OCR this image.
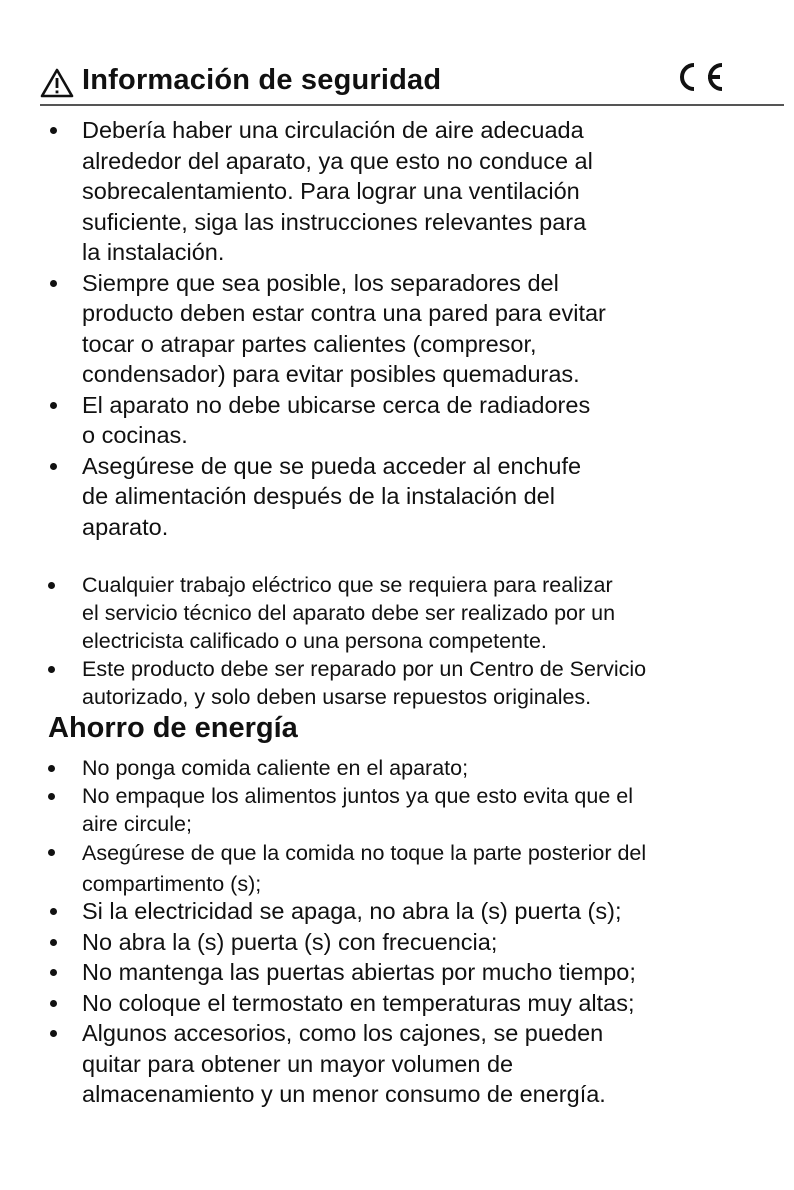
Información de seguridad
Debería haber una circulación de aire adecuada
alrededor del aparato, ya que esto no conduce al
sobrecalentamiento. Para lograr una ventilación
suficiente, siga las instrucciones relevantes para
la instalación.
Siempre que sea posible, los separadores del
producto deben estar contra una pared para evitar
tocar o atrapar partes calientes (compresor,
condensador) para evitar posibles quemaduras.
El aparato no debe ubicarse cerca de radiadores
o cocinas.
Asegúrese de que se pueda acceder al enchufe
de alimentación después de la instalación del
aparato.
Cualquier trabajo eléctrico que se requiera para realizar
el servicio técnico del aparato debe ser realizado por un
electricista calificado o una persona competente.
Este producto debe ser reparado por un Centro de Servicio
autorizado, y solo deben usarse repuestos originales.
Ahorro de energía
No ponga comida caliente en el aparato;
No empaque los alimentos juntos ya que esto evita que el
aire circule;
Asegúrese de que la comida no toque la parte posterior del
compartimento (s);
Si la electricidad se apaga, no abra la (s) puerta (s);
No abra la (s) puerta (s) con frecuencia;
No mantenga las puertas abiertas por mucho tiempo;
No coloque el termostato en temperaturas muy altas;
Algunos accesorios, como los cajones, se pueden
quitar para obtener un mayor volumen de
almacenamiento y un menor consumo de energía.
